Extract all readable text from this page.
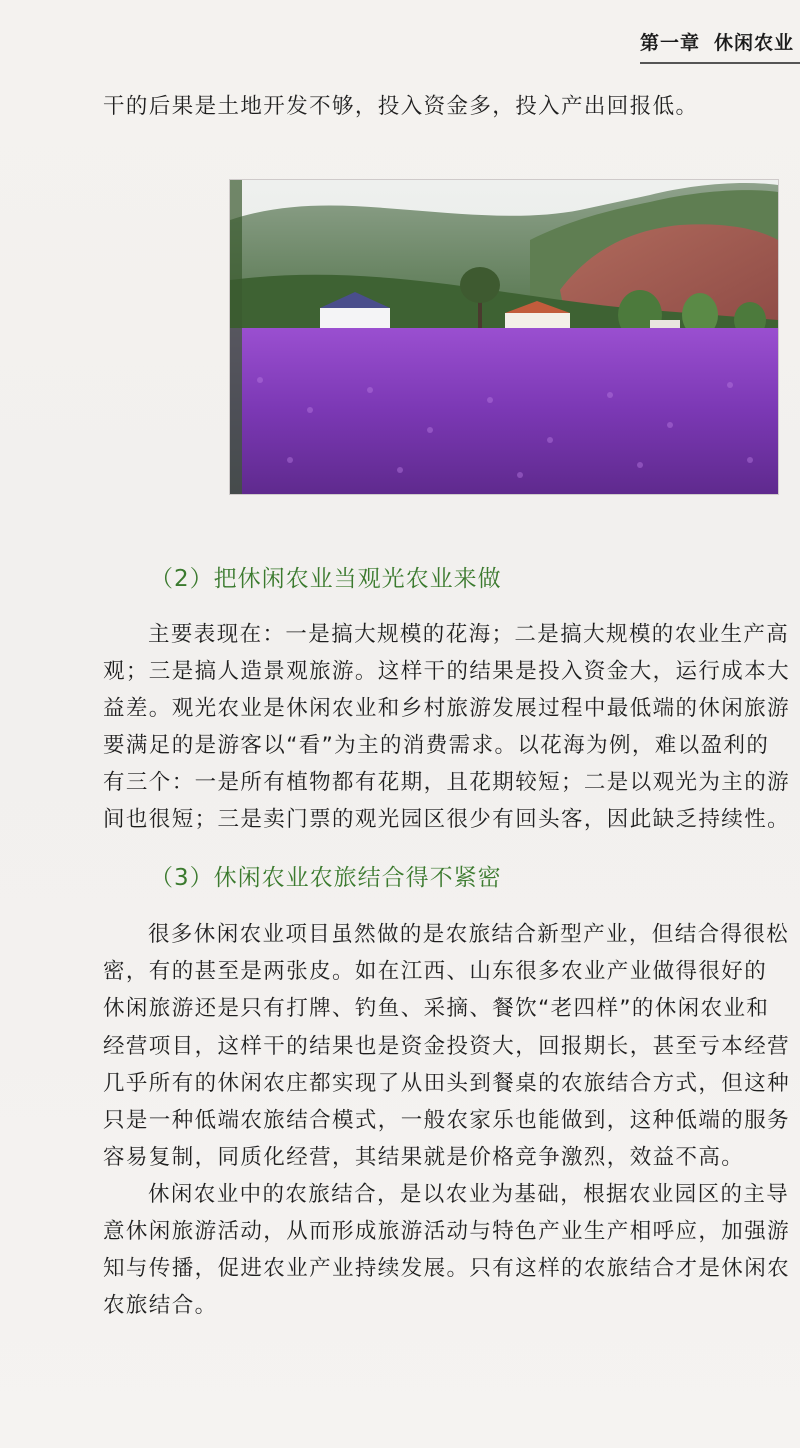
第一章 休闲农业
干的后果是土地开发不够，投入资金多，投入产出回报低。
（2）把休闲农业当观光农业来做
主要表现在：一是搞大规模的花海；二是搞大规模的农业生产高
观；三是搞人造景观旅游。这样干的结果是投入资金大，运行成本大
益差。观光农业是休闲农业和乡村旅游发展过程中最低端的休闲旅游
要满足的是游客以“看”为主的消费需求。以花海为例，难以盈利的
有三个：一是所有植物都有花期，且花期较短；二是以观光为主的游
间也很短；三是卖门票的观光园区很少有回头客，因此缺乏持续性。
（3）休闲农业农旅结合得不紧密
很多休闲农业项目虽然做的是农旅结合新型产业，但结合得很松
密，有的甚至是两张皮。如在江西、山东很多农业产业做得很好的
休闲旅游还是只有打牌、钓鱼、采摘、餐饮“老四样”的休闲农业和
经营项目，这样干的结果也是资金投资大，回报期长，甚至亏本经营
几乎所有的休闲农庄都实现了从田头到餐桌的农旅结合方式，但这种
只是一种低端农旅结合模式，一般农家乐也能做到，这种低端的服务
容易复制，同质化经营，其结果就是价格竞争激烈，效益不高。
休闲农业中的农旅结合，是以农业为基础，根据农业园区的主导
意休闲旅游活动，从而形成旅游活动与特色产业生产相呼应，加强游
知与传播，促进农业产业持续发展。只有这样的农旅结合才是休闲农
农旅结合。
